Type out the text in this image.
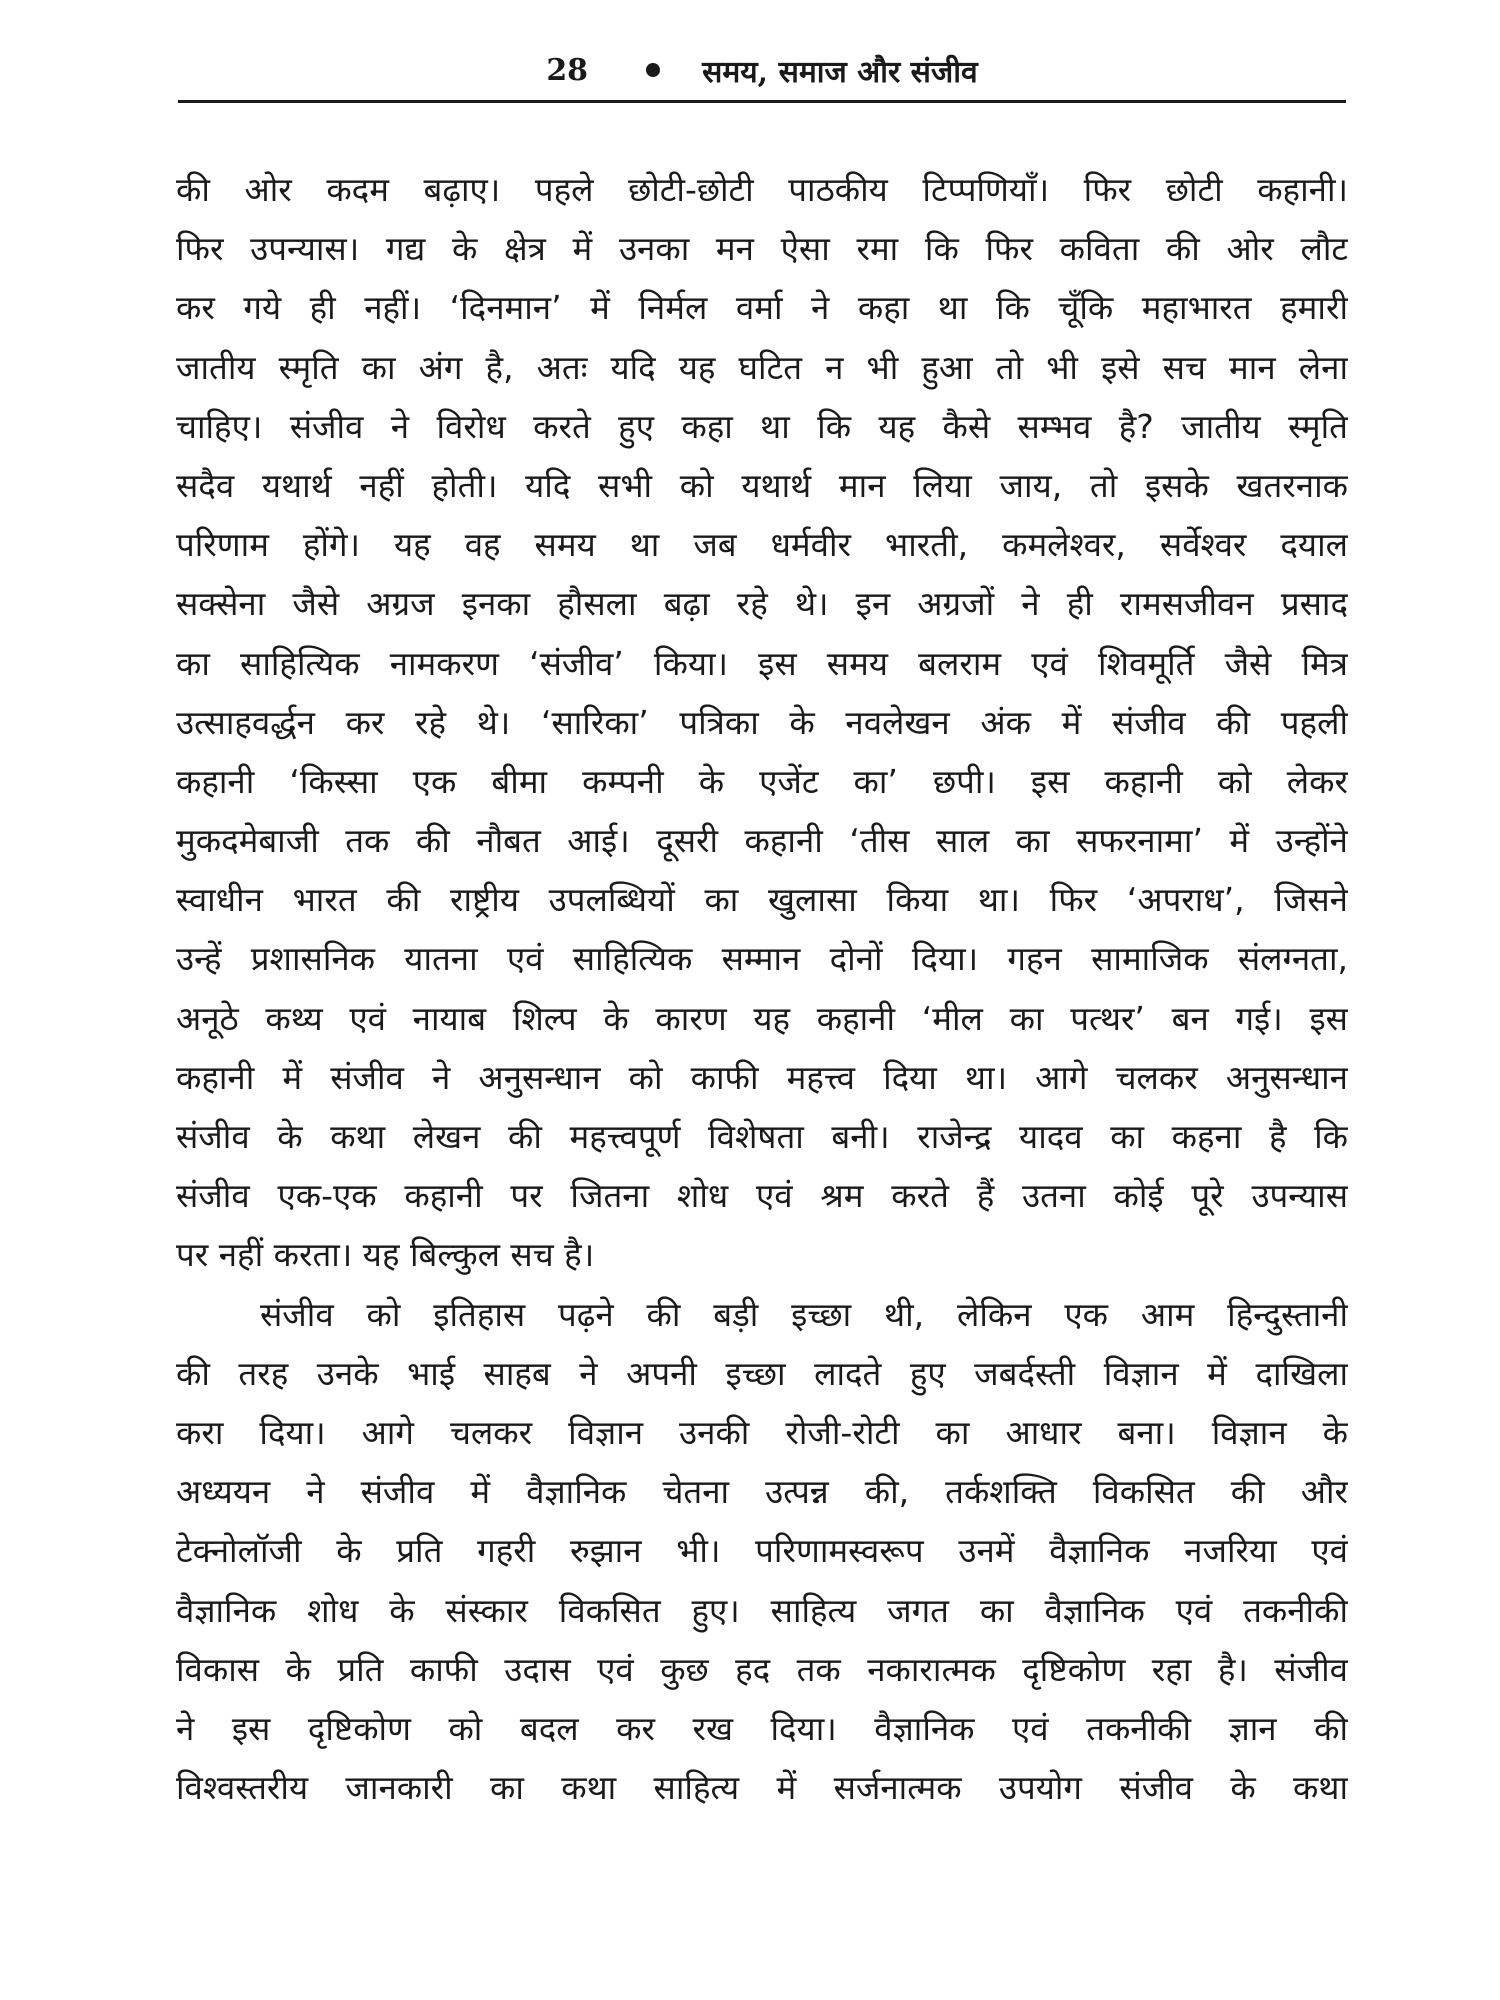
28	समय, समाज और संजीव
की ओर कदम बढ़ाए। पहले छोटी-छोटी पाठकीय टिप्पणियाँ। फिर छोटी कहानी।
फिर उपन्यास। गद्य के क्षेत्र में उनका मन ऐसा रमा कि फिर कविता की ओर लौट
कर गये ही नहीं। ‘दिनमान’ में निर्मल वर्मा ने कहा था कि चूँकि महाभारत हमारी
जातीय स्मृति का अंग है, अतः यदि यह घटित न भी हुआ तो भी इसे सच मान लेना
चाहिए। संजीव ने विरोध करते हुए कहा था कि यह कैसे सम्भव है? जातीय स्मृति
सदैव यथार्थ नहीं होती। यदि सभी को यथार्थ मान लिया जाय, तो इसके खतरनाक
परिणाम होंगे। यह वह समय था जब धर्मवीर भारती, कमलेश्वर, सर्वेश्वर दयाल
सक्सेना जैसे अग्रज इनका हौसला बढ़ा रहे थे। इन अग्रजों ने ही रामसजीवन प्रसाद
का साहित्यिक नामकरण ‘संजीव’ किया। इस समय बलराम एवं शिवमूर्ति जैसे मित्र
उत्साहवर्द्धन कर रहे थे। ‘सारिका’ पत्रिका के नवलेखन अंक में संजीव की पहली
कहानी ‘किस्सा एक बीमा कम्पनी के एजेंट का’ छपी। इस कहानी को लेकर
मुकदमेबाजी तक की नौबत आई। दूसरी कहानी ‘तीस साल का सफरनामा’ में उन्होंने
स्वाधीन भारत की राष्ट्रीय उपलब्धियों का खुलासा किया था। फिर ‘अपराध’, जिसने
उन्हें प्रशासनिक यातना एवं साहित्यिक सम्मान दोनों दिया। गहन सामाजिक संलग्नता,
अनूठे कथ्य एवं नायाब शिल्प के कारण यह कहानी ‘मील का पत्थर’ बन गई। इस
कहानी में संजीव ने अनुसन्धान को काफी महत्त्व दिया था। आगे चलकर अनुसन्धान
संजीव के कथा लेखन की महत्त्वपूर्ण विशेषता बनी। राजेन्द्र यादव का कहना है कि
संजीव एक-एक कहानी पर जितना शोध एवं श्रम करते हैं उतना कोई पूरे उपन्यास
पर नहीं करता। यह बिल्कुल सच है।
संजीव को इतिहास पढ़ने की बड़ी इच्छा थी, लेकिन एक आम हिन्दुस्तानी
की तरह उनके भाई साहब ने अपनी इच्छा लादते हुए जबर्दस्ती विज्ञान में दाखिला
करा दिया। आगे चलकर विज्ञान उनकी रोजी-रोटी का आधार बना। विज्ञान के
अध्ययन ने संजीव में वैज्ञानिक चेतना उत्पन्न की, तर्कशक्ति विकसित की और
टेक्नोलॉजी के प्रति गहरी रुझान भी। परिणामस्वरूप उनमें वैज्ञानिक नजरिया एवं
वैज्ञानिक शोध के संस्कार विकसित हुए। साहित्य जगत का वैज्ञानिक एवं तकनीकी
विकास के प्रति काफी उदास एवं कुछ हद तक नकारात्मक दृष्टिकोण रहा है। संजीव
ने इस दृष्टिकोण को बदल कर रख दिया। वैज्ञानिक एवं तकनीकी ज्ञान की
विश्वस्तरीय जानकारी का कथा साहित्य में सर्जनात्मक उपयोग संजीव के कथा
